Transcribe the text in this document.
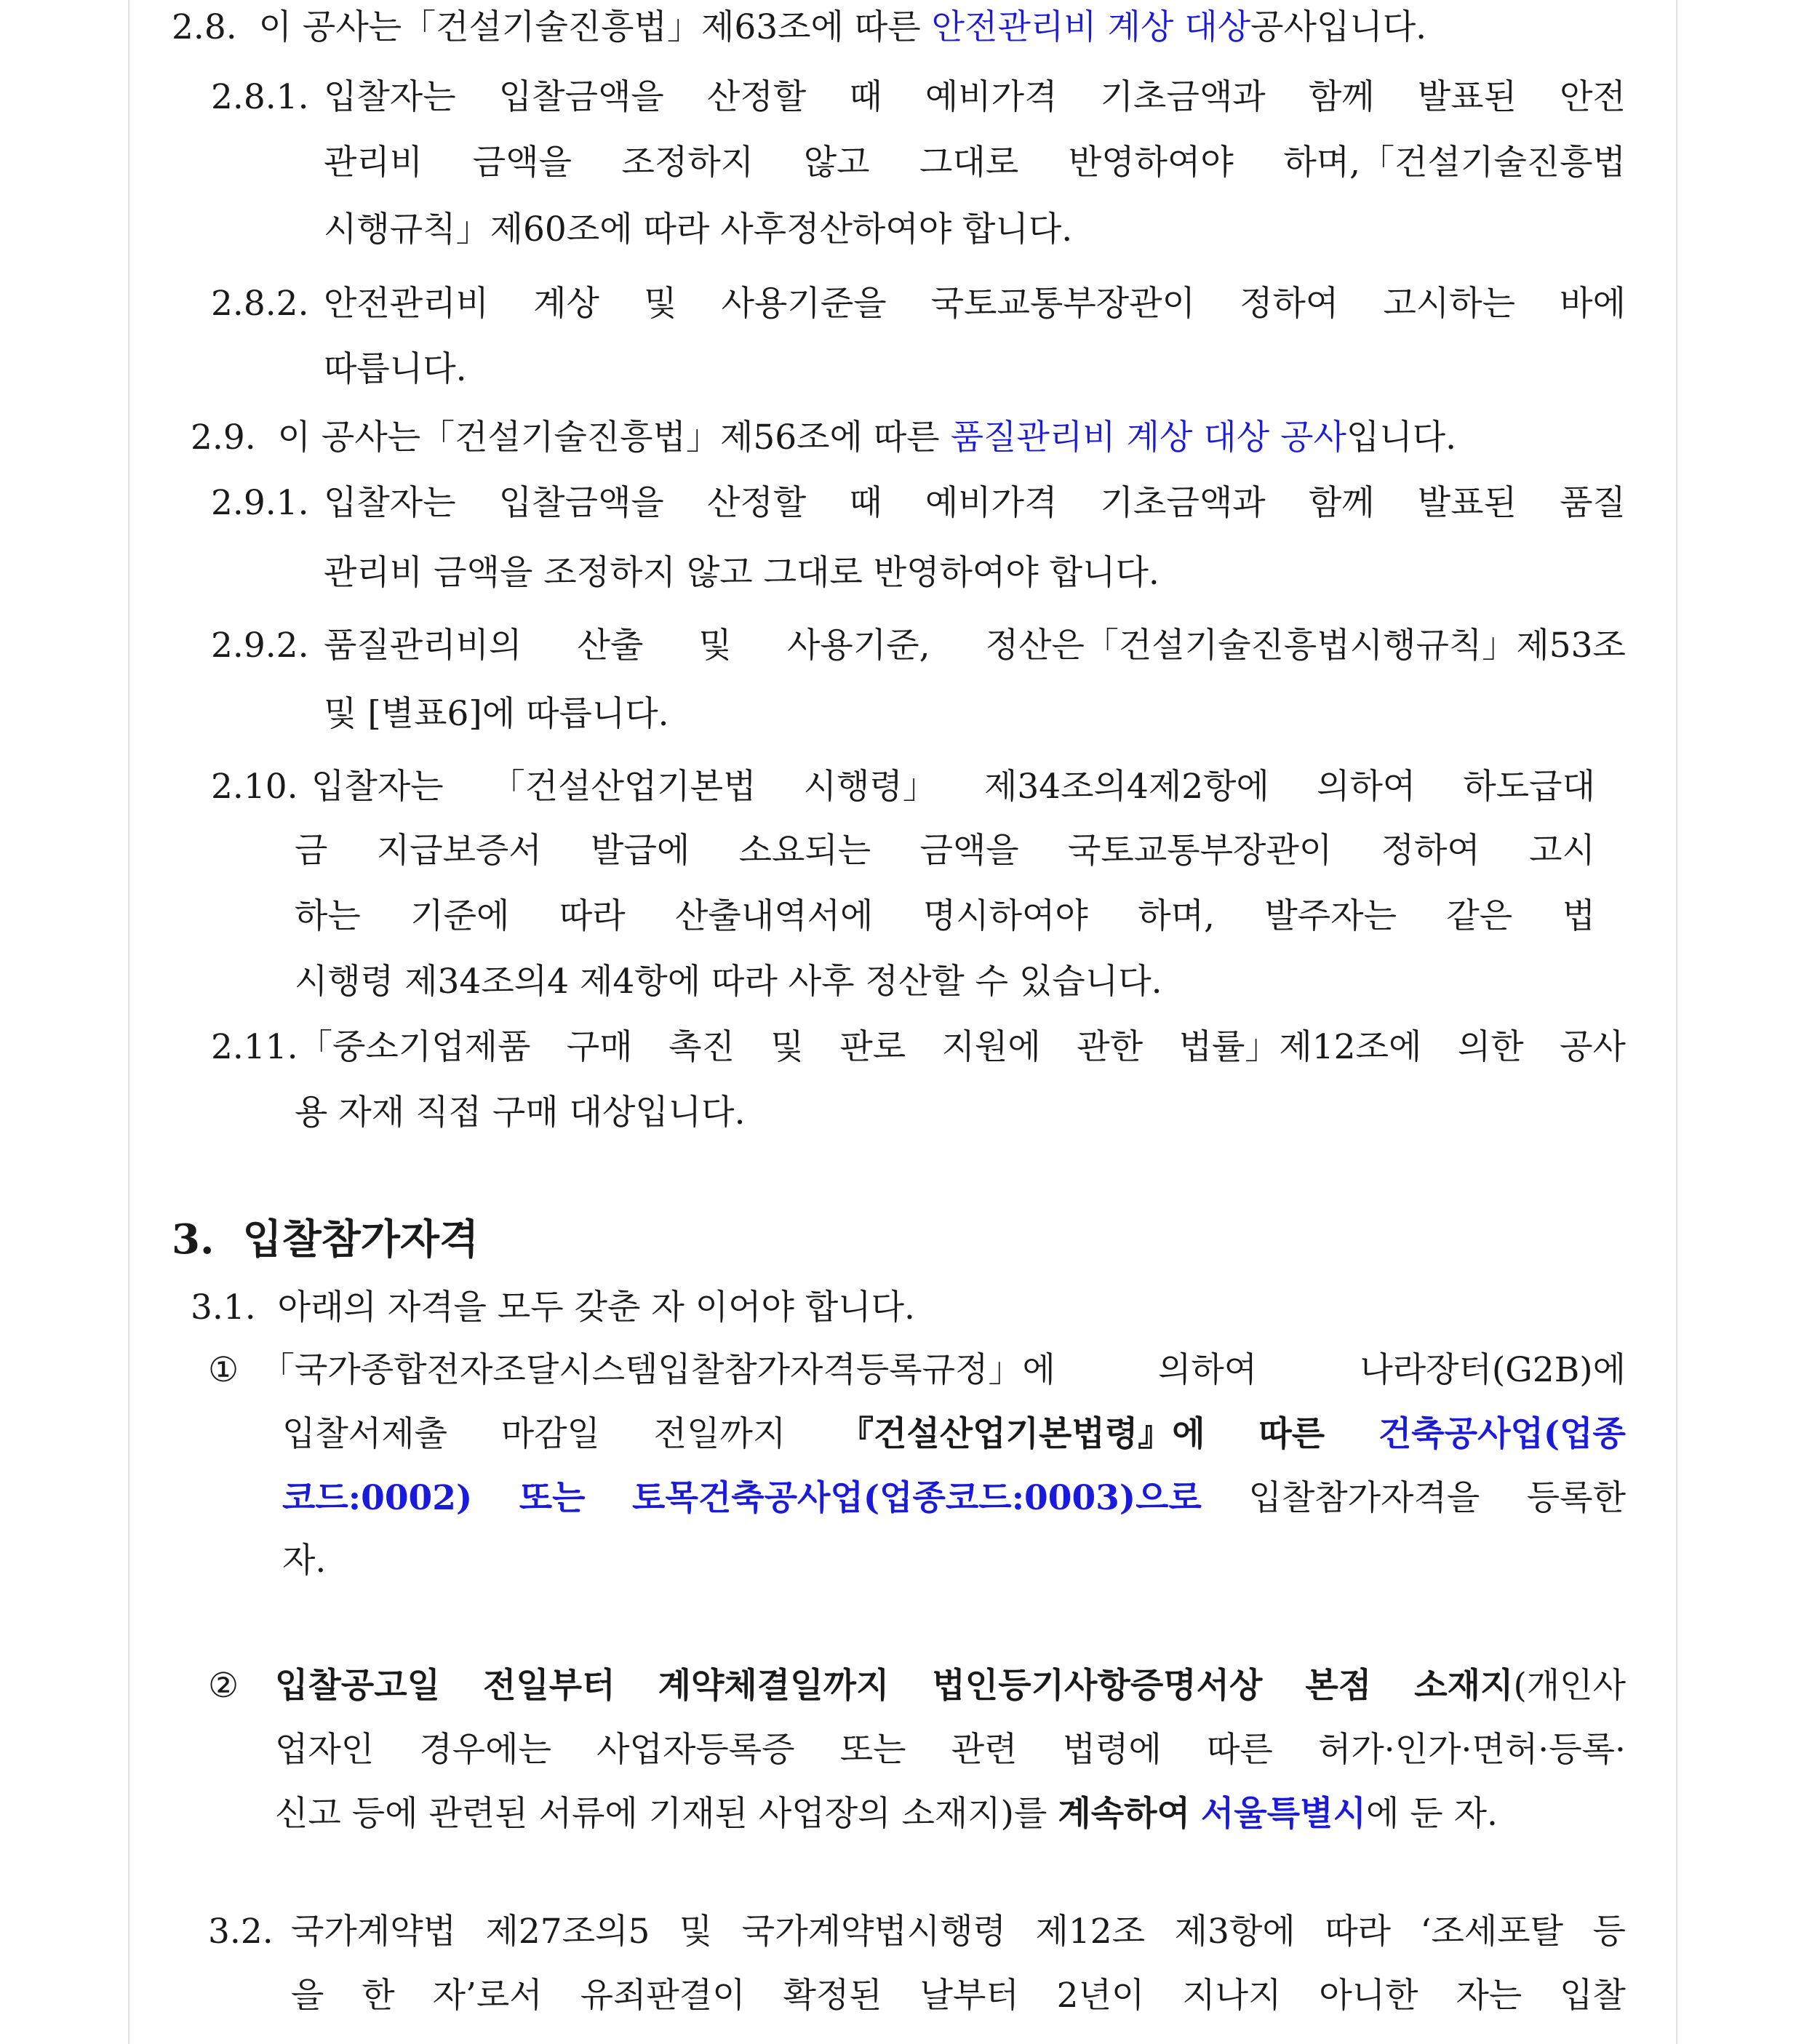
2.8. 이 공사는「건설기술진흥법」제63조에 따른 안전관리비 계상 대상공사입니다.
2.8.1. 입찰자는 입찰금액을 산정할 때 예비가격 기초금액과 함께 발표된 안전
관리비 금액을 조정하지 않고 그대로 반영하여야 하며,「건설기술진흥법
시행규칙」제60조에 따라 사후정산하여야 합니다.
2.8.2. 안전관리비 계상 및 사용기준을 국토교통부장관이 정하여 고시하는 바에
따릅니다.
2.9. 이 공사는「건설기술진흥법」제56조에 따른 품질관리비 계상 대상 공사입니다.
2.9.1. 입찰자는 입찰금액을 산정할 때 예비가격 기초금액과 함께 발표된 품질
관리비 금액을 조정하지 않고 그대로 반영하여야 합니다.
2.9.2. 품질관리비의 산출 및 사용기준, 정산은「건설기술진흥법시행규칙」제53조
및 [별표6]에 따릅니다.
2.10. 입찰자는 「건설산업기본법 시행령」 제34조의4제2항에 의하여 하도급대
금 지급보증서 발급에 소요되는 금액을 국토교통부장관이 정하여 고시
하는 기준에 따라 산출내역서에 명시하여야 하며, 발주자는 같은 법
시행령 제34조의4 제4항에 따라 사후 정산할 수 있습니다.
2.11. 「중소기업제품 구매 촉진 및 판로 지원에 관한 법률」제12조에 의한 공사
용 자재 직접 구매 대상입니다.
3. 입찰참가자격
3.1. 아래의 자격을 모두 갖춘 자 이어야 합니다.
① 「국가종합전자조달시스템입찰참가자격등록규정」에	의하여	나라장터(G2B)에
입찰서제출 마감일 전일까지 『건설산업기본법령』에 따른 건축공사업(업종
코드:0002) 또는 토목건축공사업(업종코드:0003)으로 입찰참가자격을 등록한
자.
② 입찰공고일 전일부터 계약체결일까지 법인등기사항증명서상 본점 소재지(개인사
업자인 경우에는 사업자등록증 또는 관련 법령에 따른 허가·인가·면허·등록·
신고 등에 관련된 서류에 기재된 사업장의 소재지)를 계속하여 서울특별시에 둔 자.
3.2. 국가계약법 제27조의5 및 국가계약법시행령 제12조 제3항에 따라 ‘조세포탈 등
을 한 자’로서 유죄판결이 확정된 날부터 2년이 지나지 아니한 자는 입찰
